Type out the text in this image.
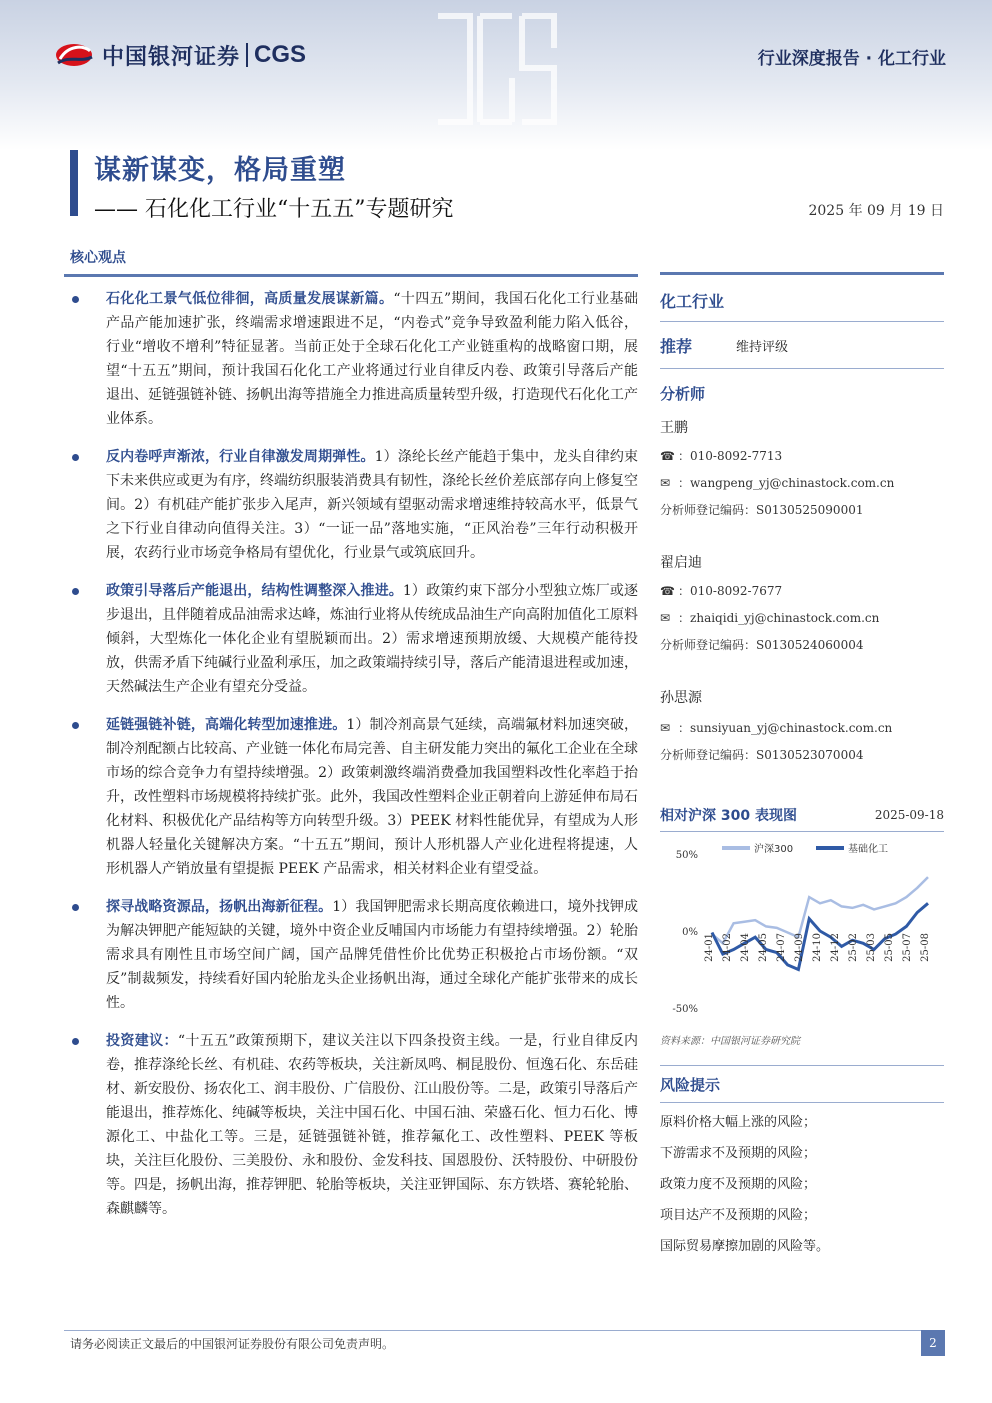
中国银河证券 CGS	行业深度报告 · 化工行业
谋新谋变，格局重塑
—— 石化化工行业“十五五”专题研究	2025 年 09 月 19 日
核心观点
石化化工景气低位徘徊，高质量发展谋新篇。“十四五”期间，我国石化化工行业基础产品产能加速扩张，终端需求增速跟进不足，“内卷式”竞争导致盈利能力陷入低谷，行业“增收不增利”特征显著。当前正处于全球石化化工产业链重构的战略窗口期，展望“十五五”期间，预计我国石化化工产业将通过行业自律反内卷、政策引导落后产能退出、延链强链补链、扬帆出海等措施全力推进高质量转型升级，打造现代石化化工产业体系。
反内卷呼声渐浓，行业自律激发周期弹性。1）涤纶长丝产能趋于集中，龙头自律约束下未来供应或更为有序，终端纺织服装消费具有韧性，涤纶长丝价差底部存向上修复空间。2）有机硅产能扩张步入尾声，新兴领域有望驱动需求增速维持较高水平，低景气之下行业自律动向值得关注。3）“一证一品”落地实施，“正风治卷”三年行动积极开展，农药行业市场竞争格局有望优化，行业景气或筑底回升。
政策引导落后产能退出，结构性调整深入推进。1）政策约束下部分小型独立炼厂或逐步退出，且伴随着成品油需求达峰，炼油行业将从传统成品油生产向高附加值化工原料倾斜，大型炼化一体化企业有望脱颖而出。2）需求增速预期放缓、大规模产能待投放，供需矛盾下纯碱行业盈利承压，加之政策端持续引导，落后产能清退进程或加速，天然碱法生产企业有望充分受益。
延链强链补链，高端化转型加速推进。1）制冷剂高景气延续，高端氟材料加速突破，制冷剂配额占比较高、产业链一体化布局完善、自主研发能力突出的氟化工企业在全球市场的综合竞争力有望持续增强。2）政策刺激终端消费叠加我国塑料改性化率趋于抬升，改性塑料市场规模将持续扩张。此外，我国改性塑料企业正朝着向上游延伸布局石化材料、积极优化产品结构等方向转型升级。3）PEEK 材料性能优异，有望成为人形机器人轻量化关键解决方案。“十五五”期间，预计人形机器人产业化进程将提速，人形机器人产销放量有望提振 PEEK 产品需求，相关材料企业有望受益。
探寻战略资源品，扬帆出海新征程。1）我国钾肥需求长期高度依赖进口，境外找钾成为解决钾肥产能短缺的关键，境外中资企业反哺国内市场能力有望持续增强。2）轮胎需求具有刚性且市场空间广阔，国产品牌凭借性价比优势正积极抢占市场份额。“双反”制裁频发，持续看好国内轮胎龙头企业扬帆出海，通过全球化产能扩张带来的成长性。
投资建议：“十五五”政策预期下，建议关注以下四条投资主线。一是，行业自律反内卷，推荐涤纶长丝、有机硅、农药等板块，关注新凤鸣、桐昆股份、恒逸石化、东岳硅材、新安股份、扬农化工、润丰股份、广信股份、江山股份等。二是，政策引导落后产能退出，推荐炼化、纯碱等板块，关注中国石化、中国石油、荣盛石化、恒力石化、博源化工、中盐化工等。三是，延链强链补链，推荐氟化工、改性塑料、PEEK 等板块，关注巨化股份、三美股份、永和股份、金发科技、国恩股份、沃特股份、中研股份等。四是，扬帆出海，推荐钾肥、轮胎等板块，关注亚钾国际、东方铁塔、赛轮轮胎、森麒麟等。
化工行业
推荐	维持评级
分析师
王鹏
☎ ： 010-8092-7713
✉ ： wangpeng_yj@chinastock.com.cn
分析师登记编码：S0130525090001
翟启迪
☎ ： 010-8092-7677
✉ ： zhaiqidi_yj@chinastock.com.cn
分析师登记编码：S0130524060004
孙思源
✉ ： sunsiyuan_yj@chinastock.com.cn
分析师登记编码：S0130523070004
相对沪深 300 表现图	2025-09-18
50%
0%
-50%
24-01 24-02 24-04 24-05 24-07 24-09 24-10 24-12 25-02 25-03 25-05 25-07 25-08
沪深300	基础化工
资料来源：中国银河证券研究院
风险提示
原料价格大幅上涨的风险；
下游需求不及预期的风险；
政策力度不及预期的风险；
项目达产不及预期的风险；
国际贸易摩擦加剧的风险等。
请务必阅读正文最后的中国银河证券股份有限公司免责声明。	2
